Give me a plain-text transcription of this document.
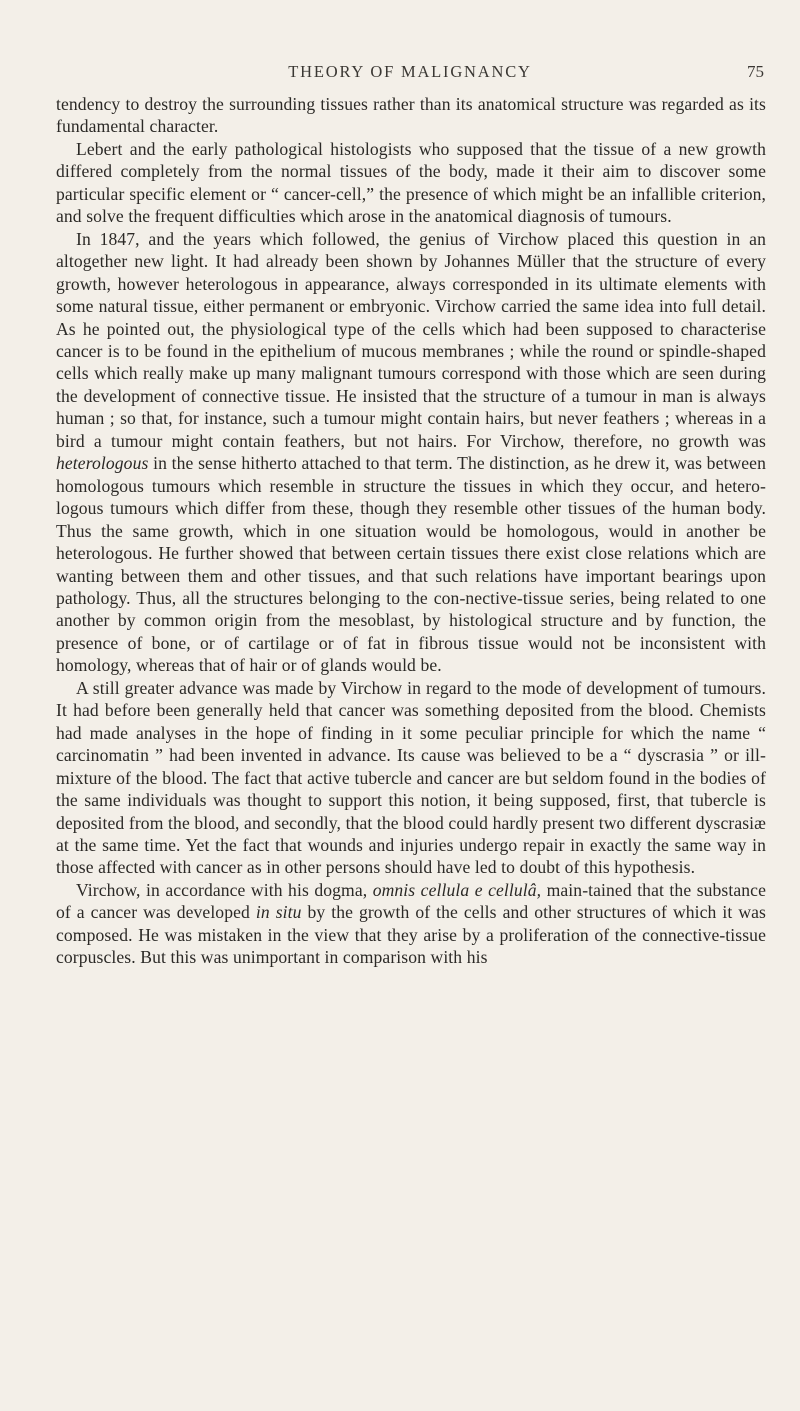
THEORY OF MALIGNANCY	75

tendency to destroy the surrounding tissues rather than its anatomical structure was regarded as its fundamental character.

Lebert and the early pathological histologists who supposed that the tissue of a new growth differed completely from the normal tissues of the body, made it their aim to discover some particular specific element or “ cancer-cell,” the presence of which might be an infallible criterion, and solve the frequent difficulties which arose in the anatomical diagnosis of tumours.

In 1847, and the years which followed, the genius of Virchow placed this question in an altogether new light. It had already been shown by Johannes Müller that the structure of every growth, however heterologous in appearance, always corresponded in its ultimate elements with some natural tissue, either permanent or embryonic. Virchow carried the same idea into full detail. As he pointed out, the physiological type of the cells which had been supposed to characterise cancer is to be found in the epithelium of mucous membranes ; while the round or spindle-shaped cells which really make up many malignant tumours correspond with those which are seen during the development of connective tissue. He insisted that the structure of a tumour in man is always human ; so that, for instance, such a tumour might contain hairs, but never feathers ; whereas in a bird a tumour might contain feathers, but not hairs. For Virchow, therefore, no growth was heterologous in the sense hitherto attached to that term. The distinction, as he drew it, was between homologous tumours which resemble in structure the tissues in which they occur, and hetero-logous tumours which differ from these, though they resemble other tissues of the human body. Thus the same growth, which in one situation would be homologous, would in another be heterologous. He further showed that between certain tissues there exist close relations which are wanting between them and other tissues, and that such relations have important bearings upon pathology. Thus, all the structures belonging to the con-nective-tissue series, being related to one another by common origin from the mesoblast, by histological structure and by function, the presence of bone, or of cartilage or of fat in fibrous tissue would not be inconsistent with homology, whereas that of hair or of glands would be.

A still greater advance was made by Virchow in regard to the mode of development of tumours. It had before been generally held that cancer was something deposited from the blood. Chemists had made analyses in the hope of finding in it some peculiar principle for which the name “ carcinomatin ” had been invented in advance. Its cause was believed to be a “ dyscrasia ” or ill-mixture of the blood. The fact that active tubercle and cancer are but seldom found in the bodies of the same individuals was thought to support this notion, it being supposed, first, that tubercle is deposited from the blood, and secondly, that the blood could hardly present two different dyscrasiæ at the same time. Yet the fact that wounds and injuries undergo repair in exactly the same way in those affected with cancer as in other persons should have led to doubt of this hypothesis.

Virchow, in accordance with his dogma, omnis cellula e cellulâ, main-tained that the substance of a cancer was developed in situ by the growth of the cells and other structures of which it was composed. He was mistaken in the view that they arise by a proliferation of the connective-tissue corpuscles. But this was unimportant in comparison with his
